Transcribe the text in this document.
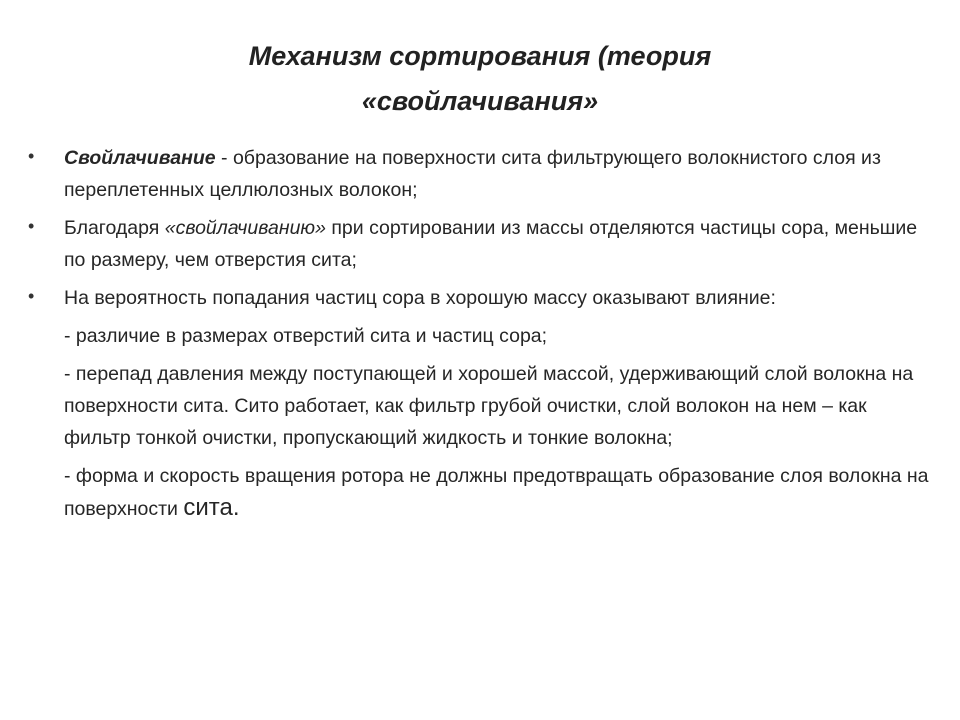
Механизм сортирования (теория
«свойлачивания»
• Свойлачивание - образование на поверхности сита фильтрующего волокнистого слоя из переплетенных целлюлозных волокон;
• Благодаря «свойлачиванию» при сортировании из массы отделяются частицы сора, меньшие по размеру, чем отверстия сита;
• На вероятность попадания частиц сора в хорошую массу оказывают влияние:
- различие в размерах отверстий сита и частиц сора;
- перепад давления между поступающей и хорошей массой, удерживающий слой волокна на поверхности сита. Сито работает, как фильтр грубой очистки, слой волокон на нем – как фильтр тонкой очистки, пропускающий жидкость и тонкие волокна;
- форма и скорость вращения ротора не должны предотвращать образование слоя волокна на поверхности сита.
